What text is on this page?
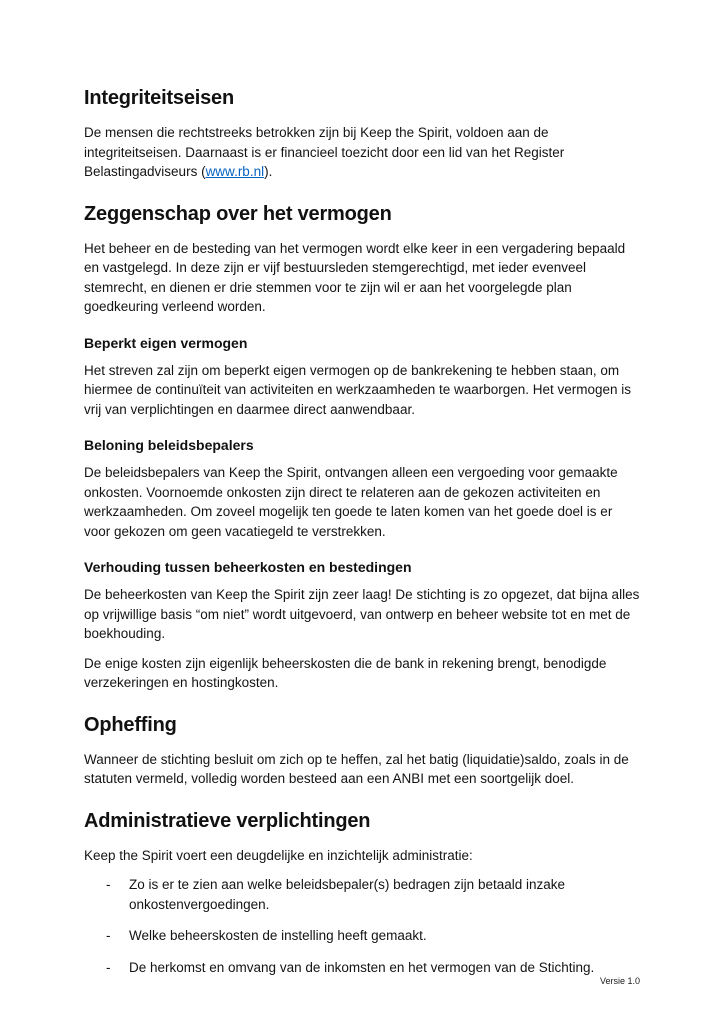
Integriteitseisen

De mensen die rechtstreeks betrokken zijn bij Keep the Spirit, voldoen aan de integriteitseisen. Daarnaast is er financieel toezicht door een lid van het Register Belastingadviseurs (www.rb.nl).

Zeggenschap over het vermogen

Het beheer en de besteding van het vermogen wordt elke keer in een vergadering bepaald en vastgelegd. In deze zijn er vijf bestuursleden stemgerechtigd, met ieder evenveel stemrecht, en dienen er drie stemmen voor te zijn wil er aan het voorgelegde plan goedkeuring verleend worden.

Beperkt eigen vermogen

Het streven zal zijn om beperkt eigen vermogen op de bankrekening te hebben staan, om hiermee de continuïteit van activiteiten en werkzaamheden te waarborgen. Het vermogen is vrij van verplichtingen en daarmee direct aanwendbaar.

Beloning beleidsbepalers

De beleidsbepalers van Keep the Spirit, ontvangen alleen een vergoeding voor gemaakte onkosten. Voornoemde onkosten zijn direct te relateren aan de gekozen activiteiten en werkzaamheden. Om zoveel mogelijk ten goede te laten komen van het goede doel is er voor gekozen om geen vacatiegeld te verstrekken.

Verhouding tussen beheerkosten en bestedingen

De beheerkosten van Keep the Spirit zijn zeer laag! De stichting is zo opgezet, dat bijna alles op vrijwillige basis “om niet” wordt uitgevoerd, van ontwerp en beheer website tot en met de boekhouding.

De enige kosten zijn eigenlijk beheerskosten die de bank in rekening brengt, benodigde verzekeringen en hostingkosten.

Opheffing

Wanneer de stichting besluit om zich op te heffen, zal het batig (liquidatie)saldo, zoals in de statuten vermeld, volledig worden besteed aan een ANBI met een soortgelijk doel.

Administratieve verplichtingen

Keep the Spirit voert een deugdelijke en inzichtelijk administratie:

-	Zo is er te zien aan welke beleidsbepaler(s) bedragen zijn betaald inzake onkostenvergoedingen.
-	Welke beheerskosten de instelling heeft gemaakt.
-	De herkomst en omvang van de inkomsten en het vermogen van de Stichting.
Versie 1.0
